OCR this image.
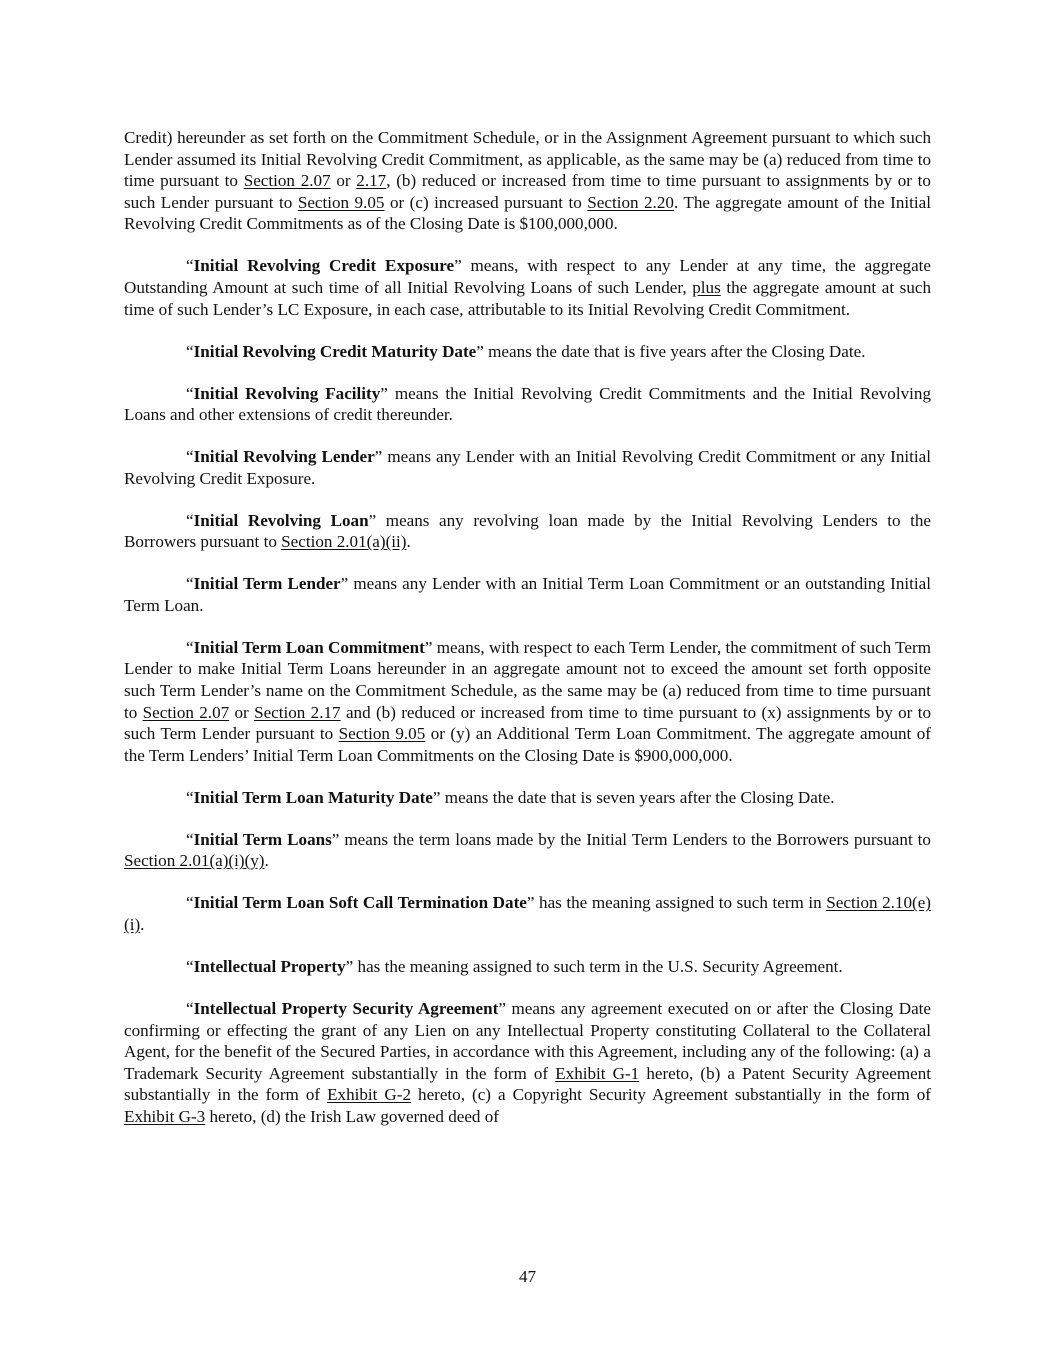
Credit) hereunder as set forth on the Commitment Schedule, or in the Assignment Agreement pursuant to which such Lender assumed its Initial Revolving Credit Commitment, as applicable, as the same may be (a) reduced from time to time pursuant to Section 2.07 or 2.17, (b) reduced or increased from time to time pursuant to assignments by or to such Lender pursuant to Section 9.05 or (c) increased pursuant to Section 2.20. The aggregate amount of the Initial Revolving Credit Commitments as of the Closing Date is $100,000,000.

“Initial Revolving Credit Exposure” means, with respect to any Lender at any time, the aggregate Outstanding Amount at such time of all Initial Revolving Loans of such Lender, plus the aggregate amount at such time of such Lender’s LC Exposure, in each case, attributable to its Initial Revolving Credit Commitment.

“Initial Revolving Credit Maturity Date” means the date that is five years after the Closing Date.

“Initial Revolving Facility” means the Initial Revolving Credit Commitments and the Initial Revolving Loans and other extensions of credit thereunder.

“Initial Revolving Lender” means any Lender with an Initial Revolving Credit Commitment or any Initial Revolving Credit Exposure.

“Initial Revolving Loan” means any revolving loan made by the Initial Revolving Lenders to the Borrowers pursuant to Section 2.01(a)(ii).

“Initial Term Lender” means any Lender with an Initial Term Loan Commitment or an outstanding Initial Term Loan.

“Initial Term Loan Commitment” means, with respect to each Term Lender, the commitment of such Term Lender to make Initial Term Loans hereunder in an aggregate amount not to exceed the amount set forth opposite such Term Lender’s name on the Commitment Schedule, as the same may be (a) reduced from time to time pursuant to Section 2.07 or Section 2.17 and (b) reduced or increased from time to time pursuant to (x) assignments by or to such Term Lender pursuant to Section 9.05 or (y) an Additional Term Loan Commitment. The aggregate amount of the Term Lenders’ Initial Term Loan Commitments on the Closing Date is $900,000,000.

“Initial Term Loan Maturity Date” means the date that is seven years after the Closing Date.

“Initial Term Loans” means the term loans made by the Initial Term Lenders to the Borrowers pursuant to Section 2.01(a)(i)(y).

“Initial Term Loan Soft Call Termination Date” has the meaning assigned to such term in Section 2.10(e)(i).

“Intellectual Property” has the meaning assigned to such term in the U.S. Security Agreement.

“Intellectual Property Security Agreement” means any agreement executed on or after the Closing Date confirming or effecting the grant of any Lien on any Intellectual Property constituting Collateral to the Collateral Agent, for the benefit of the Secured Parties, in accordance with this Agreement, including any of the following: (a) a Trademark Security Agreement substantially in the form of Exhibit G-1 hereto, (b) a Patent Security Agreement substantially in the form of Exhibit G-2 hereto, (c) a Copyright Security Agreement substantially in the form of Exhibit G-3 hereto, (d) the Irish Law governed deed of

47
